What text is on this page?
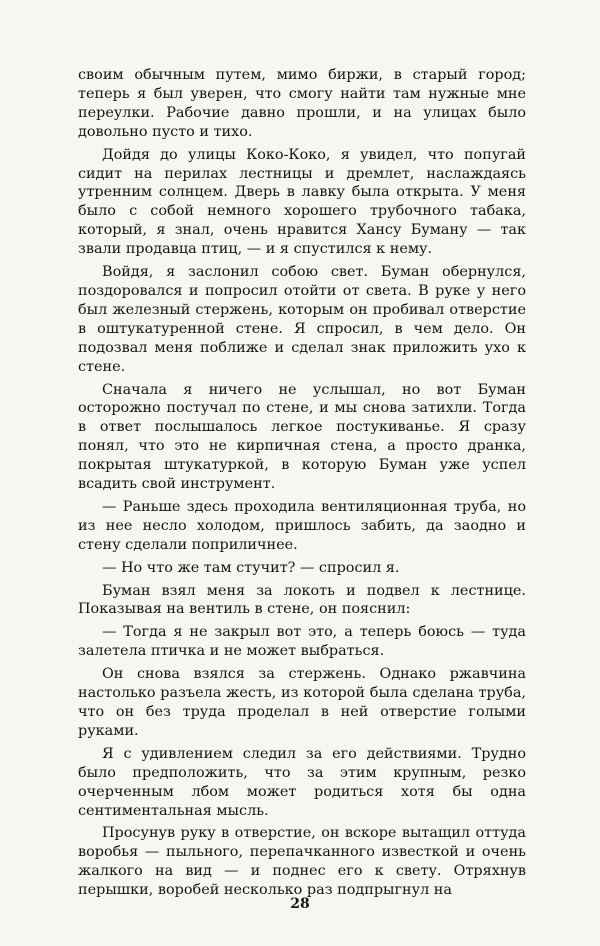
своим обычным путем, мимо биржи, в старый город; теперь я был уверен, что смогу найти там нужные мне переулки. Рабочие давно прошли, и на улицах было довольно пусто и тихо.

Дойдя до улицы Коко-Коко, я увидел, что попугай сидит на перилах лестницы и дремлет, наслаждаясь утренним солнцем. Дверь в лавку была открыта. У меня было с собой немного хорошего трубочного табака, который, я знал, очень нравится Хансу Буману — так звали продавца птиц, — и я спустился к нему.

Войдя, я заслонил собою свет. Буман обернулся, поздоровался и попросил отойти от света. В руке у него был железный стержень, которым он пробивал отверстие в оштукатуренной стене. Я спросил, в чем дело. Он подозвал меня поближе и сделал знак приложить ухо к стене.

Сначала я ничего не услышал, но вот Буман осторожно постучал по стене, и мы снова затихли. Тогда в ответ послышалось легкое постукиванье. Я сразу понял, что это не кирпичная стена, а просто дранка, покрытая штукатуркой, в которую Буман уже успел всадить свой инструмент.

— Раньше здесь проходила вентиляционная труба, но из нее несло холодом, пришлось забить, да заодно и стену сделали поприличнее.

— Но что же там стучит? — спросил я.

Буман взял меня за локоть и подвел к лестнице. Показывая на вентиль в стене, он пояснил:

— Тогда я не закрыл вот это, а теперь боюсь — туда залетела птичка и не может выбраться.

Он снова взялся за стержень. Однако ржавчина настолько разъела жесть, из которой была сделана труба, что он без труда проделал в ней отверстие голыми руками.

Я с удивлением следил за его действиями. Трудно было предположить, что за этим крупным, резко очерченным лбом может родиться хотя бы одна сентиментальная мысль.

Просунув руку в отверстие, он вскоре вытащил оттуда воробья — пыльного, перепачканного известкой и очень жалкого на вид — и поднес его к свету. Отряхнув перышки, воробей несколько раз подпрыгнул на

28
